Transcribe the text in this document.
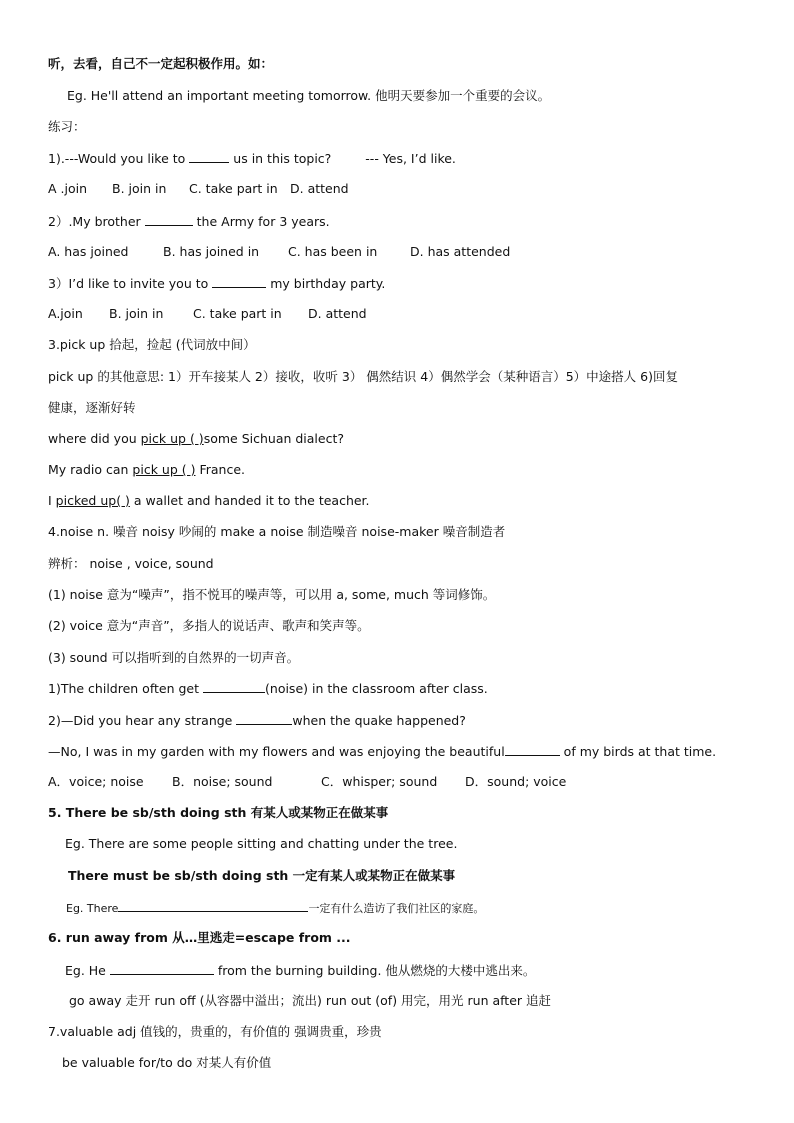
听，去看，自己不一定起积极作用。如：
Eg. He'll attend an important meeting tomorrow. 他明天要参加一个重要的会议。
练习：
1).---Would you like to	us in this topic?	--- Yes, I’d like.
A .join B. join in C. take part in D. attend
2）.My brother	the Army for 3 years.
A. has joined	B. has joined in C. has been in	D. has attended
3）I’d like to invite you to	my birthday party.
A.join B. join in C. take part in D. attend
3.pick up 拾起，捡起 (代词放中间）
pick up 的其他意思: 1）开车接某人 2）接收，收听 3） 偶然结识 4）偶然学会（某种语言）5）中途搭人 6)回复
健康，逐渐好转
where did you pick up ( )some Sichuan dialect?
My radio can pick up ( ) France.
I picked up( ) a wallet and handed it to the teacher.
4.noise n. 噪音 noisy 吵闹的 make a noise 制造噪音 noise-maker 噪音制造者
辨析： noise , voice, sound
(1) noise 意为“噪声”，指不悦耳的噪声等，可以用 a, some, much 等词修饰。
(2) voice 意为“声音”，多指人的说话声、歌声和笑声等。
(3) sound 可以指听到的自然界的一切声音。
1)The children often get	(noise) in the classroom after class.
2)—Did you hear any strange	when the quake happened?
—No, I was in my garden with my flowers and was enjoying the beautiful	of my birds at that time.
A．voice; noise B．noise; sound	C．whisper; sound D．sound; voice
5. There be sb/sth doing sth 有某人或某物正在做某事
Eg. There are some people sitting and chatting under the tree.
There must be sb/sth doing sth 一定有某人或某物正在做某事
Eg. There	一定有什么造访了我们社区的家庭。
6. run away from 从…里逃走=escape from ...
Eg. He	from the burning building. 他从燃烧的大楼中逃出来。
go away 走开 run off (从容器中溢出；流出) run out (of) 用完，用光 run after 追赶
7.valuable adj 值钱的，贵重的，有价值的 强调贵重，珍贵
be valuable for/to do 对某人有价值
